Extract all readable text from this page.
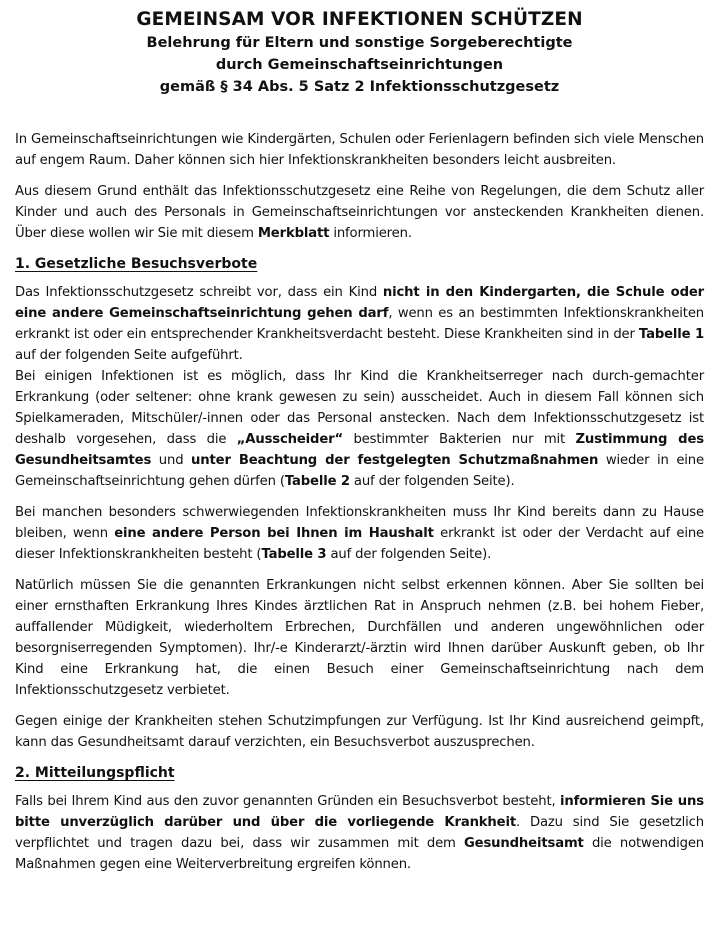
GEMEINSAM VOR INFEKTIONEN SCHÜTZEN
Belehrung für Eltern und sonstige Sorgeberechtigte
durch Gemeinschaftseinrichtungen
gemäß § 34 Abs. 5 Satz 2 Infektionsschutzgesetz

In Gemeinschaftseinrichtungen wie Kindergärten, Schulen oder Ferienlagern befinden sich viele Menschen auf engem Raum. Daher können sich hier Infektionskrankheiten besonders leicht ausbreiten.

Aus diesem Grund enthält das Infektionsschutzgesetz eine Reihe von Regelungen, die dem Schutz aller Kinder und auch des Personals in Gemeinschaftseinrichtungen vor ansteckenden Krankheiten dienen. Über diese wollen wir Sie mit diesem Merkblatt informieren.

1. Gesetzliche Besuchsverbote

Das Infektionsschutzgesetz schreibt vor, dass ein Kind nicht in den Kindergarten, die Schule oder eine andere Gemeinschaftseinrichtung gehen darf, wenn es an bestimmten Infektionskrankheiten erkrankt ist oder ein entsprechender Krankheitsverdacht besteht. Diese Krankheiten sind in der Tabelle 1 auf der folgenden Seite aufgeführt.

Bei einigen Infektionen ist es möglich, dass Ihr Kind die Krankheitserreger nach durch-gemachter Erkrankung (oder seltener: ohne krank gewesen zu sein) ausscheidet. Auch in diesem Fall können sich Spielkameraden, Mitschüler/-innen oder das Personal anstecken. Nach dem Infektionsschutzgesetz ist deshalb vorgesehen, dass die „Ausscheider“ bestimmter Bakterien nur mit Zustimmung des Gesundheitsamtes und unter Beachtung der festgelegten Schutzmaßnahmen wieder in eine Gemeinschaftseinrichtung gehen dürfen (Tabelle 2 auf der folgenden Seite).

Bei manchen besonders schwerwiegenden Infektionskrankheiten muss Ihr Kind bereits dann zu Hause bleiben, wenn eine andere Person bei Ihnen im Haushalt erkrankt ist oder der Verdacht auf eine dieser Infektionskrankheiten besteht (Tabelle 3 auf der folgenden Seite).

Natürlich müssen Sie die genannten Erkrankungen nicht selbst erkennen können. Aber Sie sollten bei einer ernsthaften Erkrankung Ihres Kindes ärztlichen Rat in Anspruch nehmen (z.B. bei hohem Fieber, auffallender Müdigkeit, wiederholtem Erbrechen, Durchfällen und anderen ungewöhnlichen oder besorgniserregenden Symptomen). Ihr/-e Kinderarzt/-ärztin wird Ihnen darüber Auskunft geben, ob Ihr Kind eine Erkrankung hat, die einen Besuch einer Gemeinschaftseinrichtung nach dem Infektionsschutzgesetz verbietet.

Gegen einige der Krankheiten stehen Schutzimpfungen zur Verfügung. Ist Ihr Kind ausreichend geimpft, kann das Gesundheitsamt darauf verzichten, ein Besuchsverbot auszusprechen.

2. Mitteilungspflicht

Falls bei Ihrem Kind aus den zuvor genannten Gründen ein Besuchsverbot besteht, informieren Sie uns bitte unverzüglich darüber und über die vorliegende Krankheit. Dazu sind Sie gesetzlich verpflichtet und tragen dazu bei, dass wir zusammen mit dem Gesundheitsamt die notwendigen Maßnahmen gegen eine Weiterverbreitung ergreifen können.
